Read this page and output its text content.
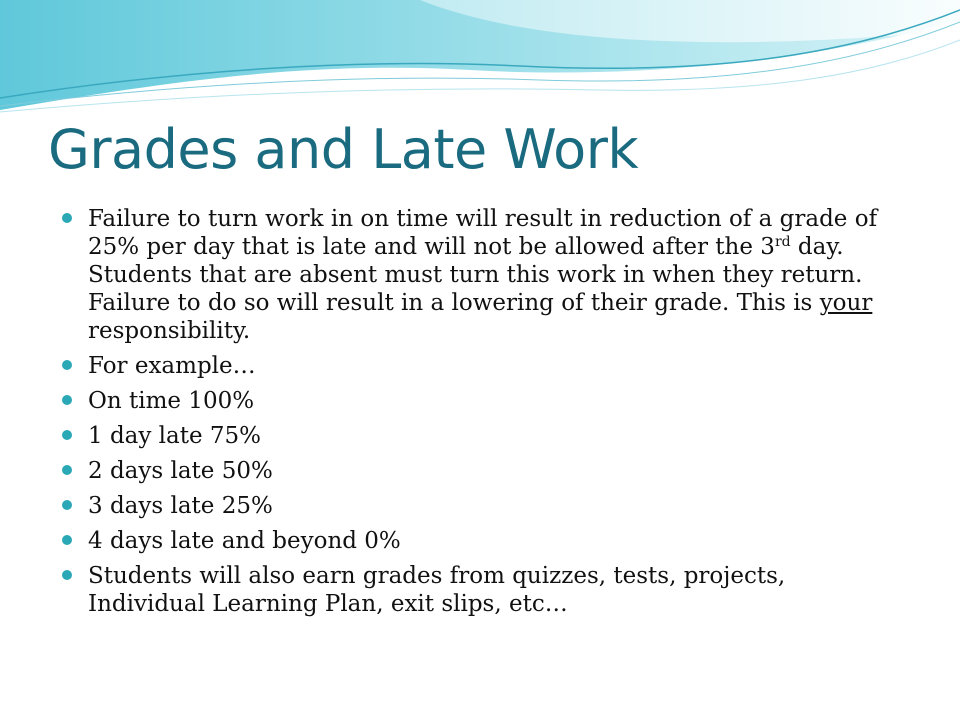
Grades and Late Work
Failure to turn work in on time will result in reduction of a grade of 25% per day that is late and will not be allowed after the 3rd day. Students that are absent must turn this work in when they return. Failure to do so will result in a lowering of their grade. This is your responsibility.
For example…
On time 100%
1 day late 75%
2 days late 50%
3 days late 25%
4 days late and beyond 0%
Students will also earn grades from quizzes, tests, projects, Individual Learning Plan, exit slips, etc…
